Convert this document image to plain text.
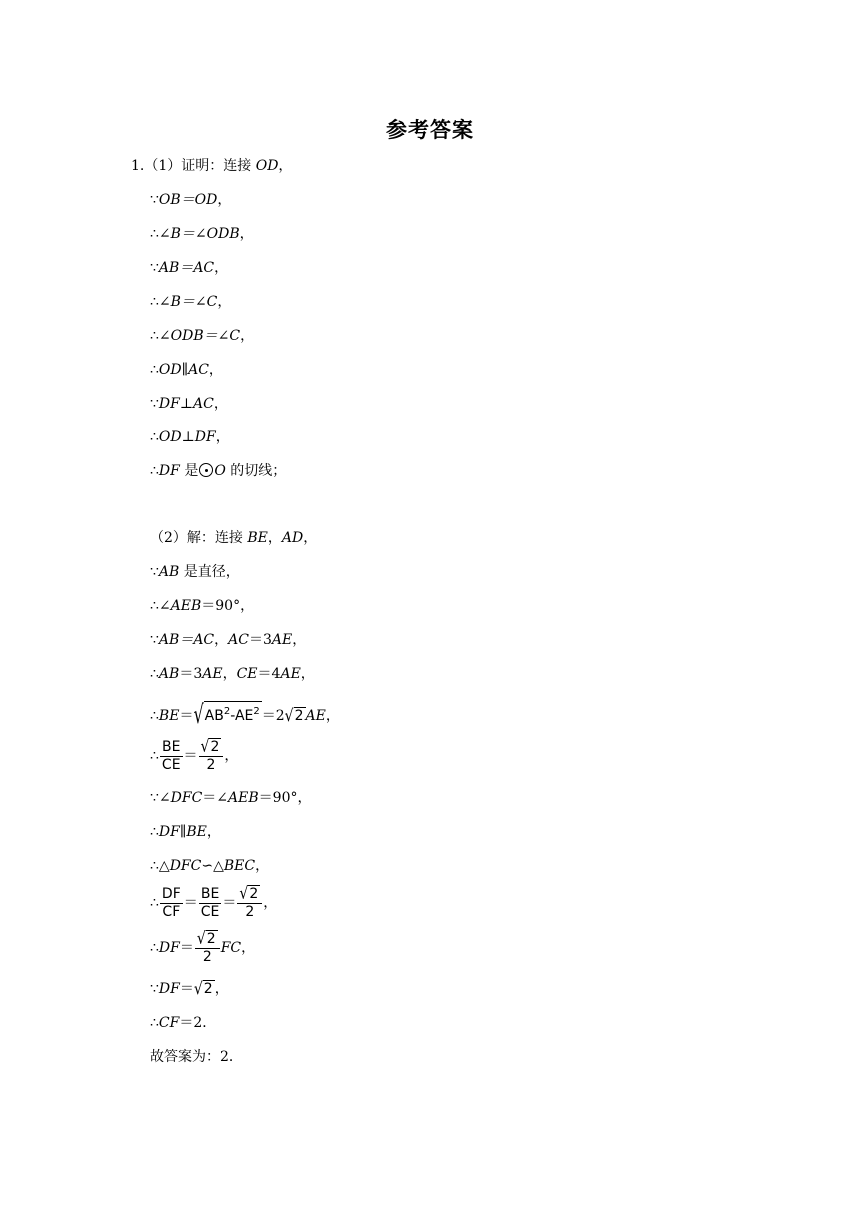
参考答案
1.（1）证明：连接 OD，
∵OB＝OD，
∴∠B＝∠ODB，
∵AB＝AC，
∴∠B＝∠C，
∴∠ODB＝∠C，
∴OD∥AC，
∵DF⊥AC，
∴OD⊥DF，
∴DF 是 O 的切线；
（2）解：连接 BE，AD，
∵AB 是直径，
∴∠AEB＝90°，
∵AB＝AC，AC＝3AE，
∴AB＝3AE，CE＝4AE，
$\therefore BE=√AB^2-AE^2 =2√2$ AE，
∴ $\frac{BE}{CE} = \frac{√2}{2}$ ，
∵∠DFC＝∠AEB＝90°，
∴DF∥BE，
∴△DFC∽△BEC，
∴ $\frac{DF}{CF} = \frac{BE}{CE} = \frac{√2}{2}$ ，
∴DF＝ $\frac{√2}{2}$ FC，
∵DF＝√2 ，
∴CF＝2．
故答案为：2．
